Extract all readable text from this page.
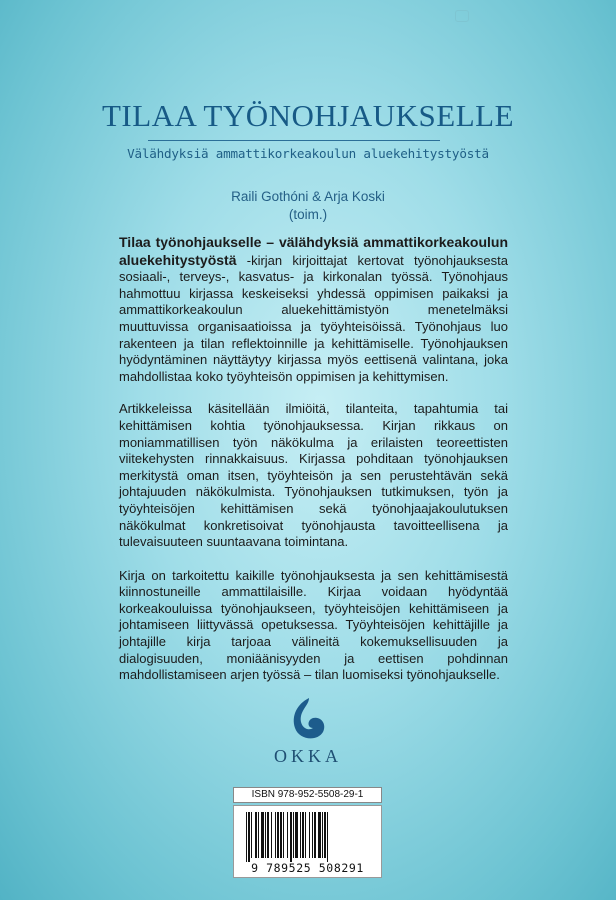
TILAA TYÖNOHJAUKSELLE
Välähdyksiä ammattikorkeakoulun aluekehitystyöstä
Raili Gothóni & Arja Koski
(toim.)

Tilaa työnohjaukselle – välähdyksiä ammattikorkeakoulun aluekehitystyöstä -kirjan kirjoittajat kertovat työnohjauksesta sosiaali-, terveys-, kasvatus- ja kirkonalan työssä. Työnohjaus hahmottuu kirjassa keskeiseksi yhdessä oppimisen paikaksi ja ammattikorkeakoulun aluekehittämistyön menetelmäksi muuttuvissa organisaatioissa ja työyhteisöissä. Työnohjaus luo rakenteen ja tilan reflektoinnille ja kehittämiselle. Työnohjauksen hyödyntäminen näyttäytyy kirjassa myös eettisenä valintana, joka mahdollistaa koko työyhteisön oppimisen ja kehittymisen.

Artikkeleissa käsitellään ilmiöitä, tilanteita, tapahtumia tai kehittämisen kohtia työnohjauksessa. Kirjan rikkaus on moniammatillisen työn näkökulma ja erilaisten teoreettisten viitekehysten rinnakkaisuus. Kirjassa pohditaan työnohjauksen merkitystä oman itsen, työyhteisön ja sen perustehtävän sekä johtajuuden näkökulmista. Työnohjauksen tutkimuksen, työn ja työyhteisöjen kehittämisen sekä työnohjaajakoulutuksen näkökulmat konkretisoivat työnohjausta tavoitteellisena ja tulevaisuuteen suuntaavana toimintana.

Kirja on tarkoitettu kaikille työnohjauksesta ja sen kehittämisestä kiinnostuneille ammattilaisille. Kirjaa voidaan hyödyntää korkeakouluissa työnohjaukseen, työyhteisöjen kehittämiseen ja johtamiseen liittyvässä opetuksessa. Työyhteisöjen kehittäjille ja johtajille kirja tarjoaa välineitä kokemuksellisuuden ja dialogisuuden, moniäänisyyden ja eettisen pohdinnan mahdollistamiseen arjen työssä – tilan luomiseksi työnohjaukselle.

OKKA
ISBN 978-952-5508-29-1
9 789525 508291
